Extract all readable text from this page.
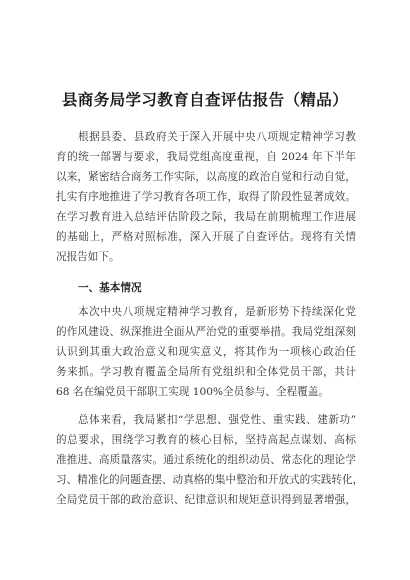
县商务局学习教育自查评估报告（精品）
根据县委、县政府关于深入开展中央八项规定精神学习教
育的统一部署与要求，我局党组高度重视，自 2024 年下半年
以来，紧密结合商务工作实际，以高度的政治自觉和行动自觉，
扎实有序地推进了学习教育各项工作，取得了阶段性显著成效。
在学习教育进入总结评估阶段之际，我局在前期梳理工作进展
的基础上，严格对照标准，深入开展了自查评估。现将有关情
况报告如下。
一、基本情况
本次中央八项规定精神学习教育，是新形势下持续深化党
的作风建设、纵深推进全面从严治党的重要举措。我局党组深刻
认识到其重大政治意义和现实意义，将其作为一项核心政治任
务来抓。学习教育覆盖全局所有党组织和全体党员干部，共计
68 名在编党员干部职工实现 100%全员参与、全程覆盖。
总体来看，我局紧扣“学思想、强党性、重实践、建新功”
的总要求，围绕学习教育的核心目标，坚持高起点谋划、高标
准推进、高质量落实。通过系统化的组织动员、常态化的理论学
习、精准化的问题查摆、动真格的集中整治和开放式的实践转化，
全局党员干部的政治意识、纪律意识和规矩意识得到显著增强，
